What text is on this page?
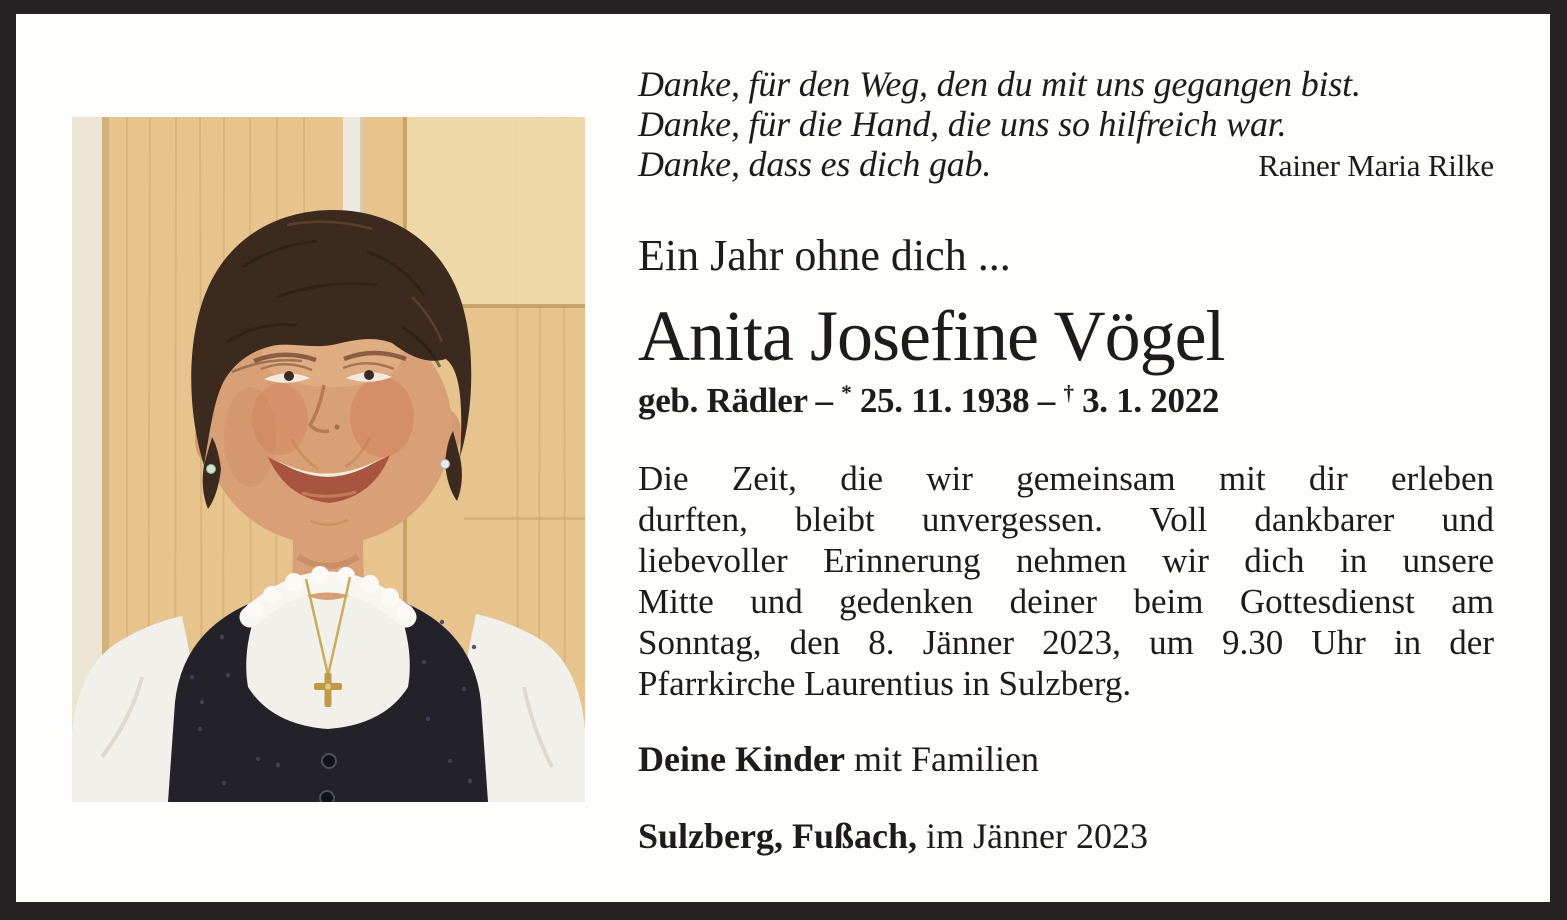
Danke, für den Weg, den du mit uns gegangen bist.
Danke, für die Hand, die uns so hilfreich war.
Danke, dass es dich gab.	Rainer Maria Rilke
Ein Jahr ohne dich ...
Anita Josefine Vögel
geb. Rädler – * 25. 11. 1938 – † 3. 1. 2022
Die Zeit, die wir gemeinsam mit dir erleben
durften, bleibt unvergessen. Voll dankbarer und
liebevoller Erinnerung nehmen wir dich in unsere
Mitte und gedenken deiner beim Gottesdienst am
Sonntag, den 8. Jänner 2023, um 9.30 Uhr in der
Pfarrkirche Laurentius in Sulzberg.
Deine Kinder mit Familien
Sulzberg, Fußach, im Jänner 2023
